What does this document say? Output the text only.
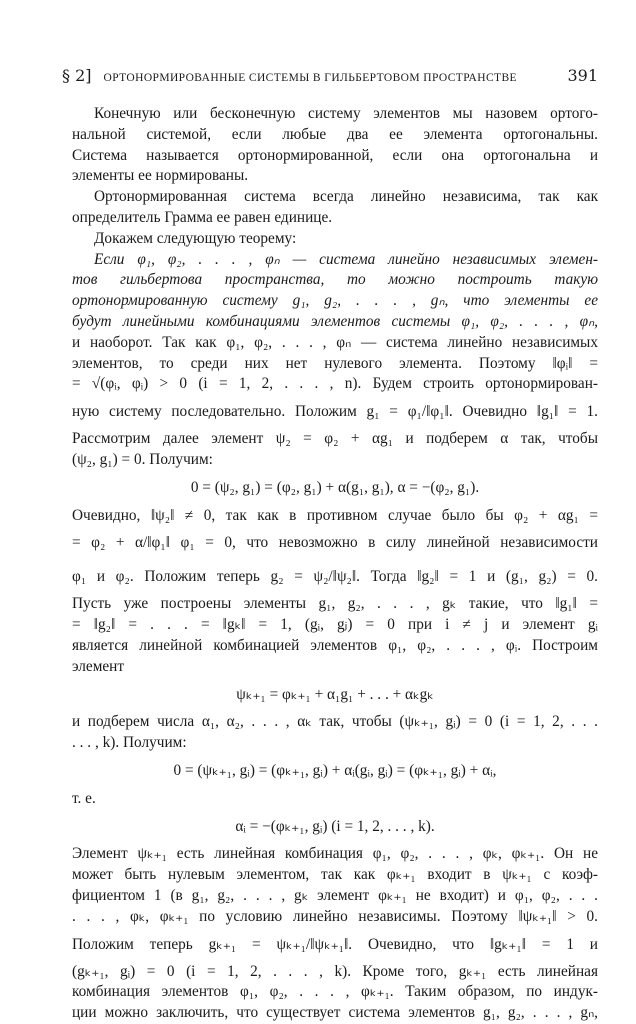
§ 2] ОРТОНОРМИРОВАННЫЕ СИСТЕМЫ В ГИЛЬБЕРТОВОМ ПРОСТРАНСТВЕ	391
Конечную или бесконечную систему элементов мы назовем ортого-
нальной системой, если любые два ее элемента ортогональны.
Система называется ортонормированной, если она ортогональна и
элементы ее нормированы.
Ортонормированная система всегда линейно независима, так как
определитель Грамма ее равен единице.
Докажем следующую теорему:
Если φ₁, φ₂, . . . , φₙ — система линейно независимых элемен-
тов гильбертова пространства, то можно построить такую
ортонормированную систему g₁, g₂, . . . , gₙ, что элементы ее
будут линейными комбинациями элементов системы φ₁, φ₂, . . . , φₙ,
и наоборот. Так как φ₁, φ₂, . . . , φₙ — система линейно независимых
элементов, то среди них нет нулевого элемента. Поэтому ‖φᵢ‖ =
= √(φᵢ, φᵢ) > 0 (i = 1, 2, . . . , n). Будем строить ортонормирован-
ную систему последовательно. Положим g₁ = φ₁/‖φ₁‖. Очевидно ‖g₁‖ = 1.
Рассмотрим далее элемент ψ₂ = φ₂ + αg₁ и подберем α так, чтобы
(ψ₂, g₁) = 0. Получим:
0 = (ψ₂, g₁) = (φ₂, g₁) + α(g₁, g₁), α = −(φ₂, g₁).
Очевидно, ‖ψ₂‖ ≠ 0, так как в противном случае было бы φ₂ + αg₁ =
= φ₂ + α/‖φ₁‖ φ₁ = 0, что невозможно в силу линейной независимости
φ₁ и φ₂. Положим теперь g₂ = ψ₂/‖ψ₂‖. Тогда ‖g₂‖ = 1 и (g₁, g₂) = 0.
Пусть уже построены элементы g₁, g₂, . . . , gₖ такие, что ‖g₁‖ =
= ‖g₂‖ = . . . = ‖gₖ‖ = 1, (gᵢ, gⱼ) = 0 при i ≠ j и элемент gᵢ
является линейной комбинацией элементов φ₁, φ₂, . . . , φᵢ. Построим
элемент
ψₖ₊₁ = φₖ₊₁ + α₁g₁ + . . . + αₖgₖ
и подберем числа α₁, α₂, . . . , αₖ так, чтобы (ψₖ₊₁, gᵢ) = 0 (i = 1, 2, . . .
. . . , k). Получим:
0 = (ψₖ₊₁, gᵢ) = (φₖ₊₁, gᵢ) + αᵢ(gᵢ, gᵢ) = (φₖ₊₁, gᵢ) + αᵢ,
т. е.
αᵢ = −(φₖ₊₁, gᵢ) (i = 1, 2, . . . , k).
Элемент ψₖ₊₁ есть линейная комбинация φ₁, φ₂, . . . , φₖ, φₖ₊₁. Он не
может быть нулевым элементом, так как φₖ₊₁ входит в ψₖ₊₁ с коэф-
фициентом 1 (в g₁, g₂, . . . , gₖ элемент φₖ₊₁ не входит) и φ₁, φ₂, . . .
. . . , φₖ, φₖ₊₁ по условию линейно независимы. Поэтому ‖ψₖ₊₁‖ > 0.
Положим теперь gₖ₊₁ = ψₖ₊₁/‖ψₖ₊₁‖. Очевидно, что ‖gₖ₊₁‖ = 1 и
(gₖ₊₁, gᵢ) = 0 (i = 1, 2, . . . , k). Кроме того, gₖ₊₁ есть линейная
комбинация элементов φ₁, φ₂, . . . , φₖ₊₁. Таким образом, по индук-
ции можно заключить, что существует система элементов g₁, g₂, . . . , gₙ,
